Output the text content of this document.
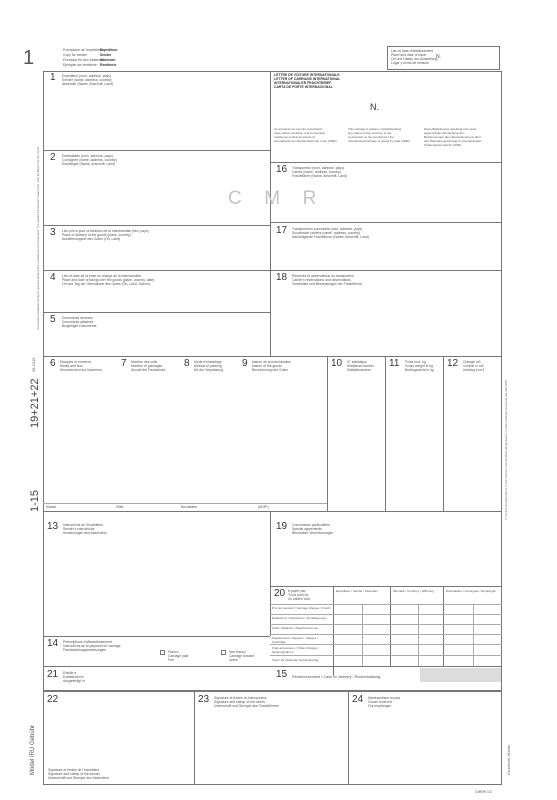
1	Exemplaire de l'expéditeur
Copy for sender
Exemplar für den Absender
Ejemplar del remitente
Expéditeur
Sender
Absender
Remitente
Lieu et date d'établissement
Place and date of issue
Ort und Datum der Ausstellung
Lugar y fecha de emisión
N.
1 Expéditeur (nom, adresse, pays)
Sender (name, address, country)
Absender (Name, Anschrift, Land)
LETTRE DE VOITURE INTERNATIONALE
LETTER OF CARRIAGE INTERNATIONAL
INTERNATIONALER FRACHTBRIEF
CARTA DE PORTE INTERNACIONAL
N.
Ce transport est soumis, nonobstant
toute clause contraire, à la Convention
relative au contrat de transport
international de marchandises par route (CMR).
This carriage is subject, notwithstanding
any clause to the contrary, to the
Convention on the Contract for the
International Carriage of goods by road (CMR).
Diese Beförderung unterliegt trotz einer
gegenteiligen Abmachung den
Bestimmungen des Übereinkommens über
den Beförderungsvertrag im internationalen
Straßengüterverkehr (CMR).
2 Destinataire (nom, adresse, pays)
Consignee (name, address, country)
Empfänger (Name, Anschrift, Land)
C  M  R
16 Transporteur (nom, adresse, pays)
Carrier (name, address, country)
Frachtführer (Name, Anschrift, Land)
3 Lieu prévu pour la livraison de la marchandise (lieu, pays)
Place of delivery of the goods (place, country)
Auslieferungsort des Gutes (Ort, Land)
17 Transporteurs successifs (nom, adresse, pays)
Successive carriers (name, address, country)
Nachfolgende Frachtführer (Name, Anschrift, Land)
4 Lieu et date de la prise en charge de la marchandise
Place and date of taking over the goods (place, country, date)
Ort und Tag der Übernahme des Gutes (Ort, Land, Datum)
18 Réserves et observations du transporteur
Carrier's reservations and observations
Vorbehalte und Bemerkungen der Frachtführer
5 Documents annexés
Documents attached
Beigefügte Dokumente
6 Marques et numéros
Marks and Nos
Kennzeichen und Nummern
7 Nombre des colis
Number of packages
Anzahl der Packstücke
8 Mode d'emballage
Method of packing
Art der Verpackung
9 Nature de la marchandise
Nature of the goods
Bezeichnung des Gutes
10 N° statistique
Statistical number
Statistiknummer
11 Poids brut, kg
Gross weight in kg
Bruttogewicht in kg
12 Cubage m3
Volume in m3
Umfang in m3
Klasse	Ziffer	Buchstabe	(ADR*)
13 Instructions de l'expéditeur
Sender's instructions
Anweisungen des Absenders
19 Conventions particulières
Special agreements
Besondere Vereinbarungen
20 A payer par:
To be paid by:
Zu zahlen vom:
Expéditeur / Sender / Absender	Monnaie / Currency / Währung	Destinataire / Consignee / Empfänger
Prix de transport / Carriage charges / Fracht
Réductions / Deductions / Ermäßigungen
Solde / Balance / Zwischensumme
Suppléments / Supplem. charges / Zuschläge
Frais accessoires / Other charges / Nebengebühren
Total / Zu zahlender Gesamtbetrag
14 Prescriptions d'affranchissement
Instructions as to payment for carriage
Frachtzahlungsanweisungen	Franco
Carriage paid
Frei
Non franco
Carriage forward
Unfrei
21 Etablie à
Established in
Ausgefertigt in
15 Remboursement / Cash on delivery / Rückerstattung
22
Signature et timbre de l'expéditeur
Signature and stamp of the sender
Unterschrift und Stempel des Absenders
23 Signature et timbre du transporteur
Signature and stamp of the carrier
Unterschrift und Stempel des Frachtführers
24 Marchandises reçues
Goods received
Gut empfangen
1-15
19+21+22
08.2015
Les parties encadrées de lignes grasses doivent être remplies par le transporteur. The spaces framed with heavy lines must be filled in by the carrier.
Y compris les dispositions concernant les marchandises dangereuses; in case of dangerous goods see also ADR
Model IRU Gebühr	Druckerei Muster
CMR/R 1/2
